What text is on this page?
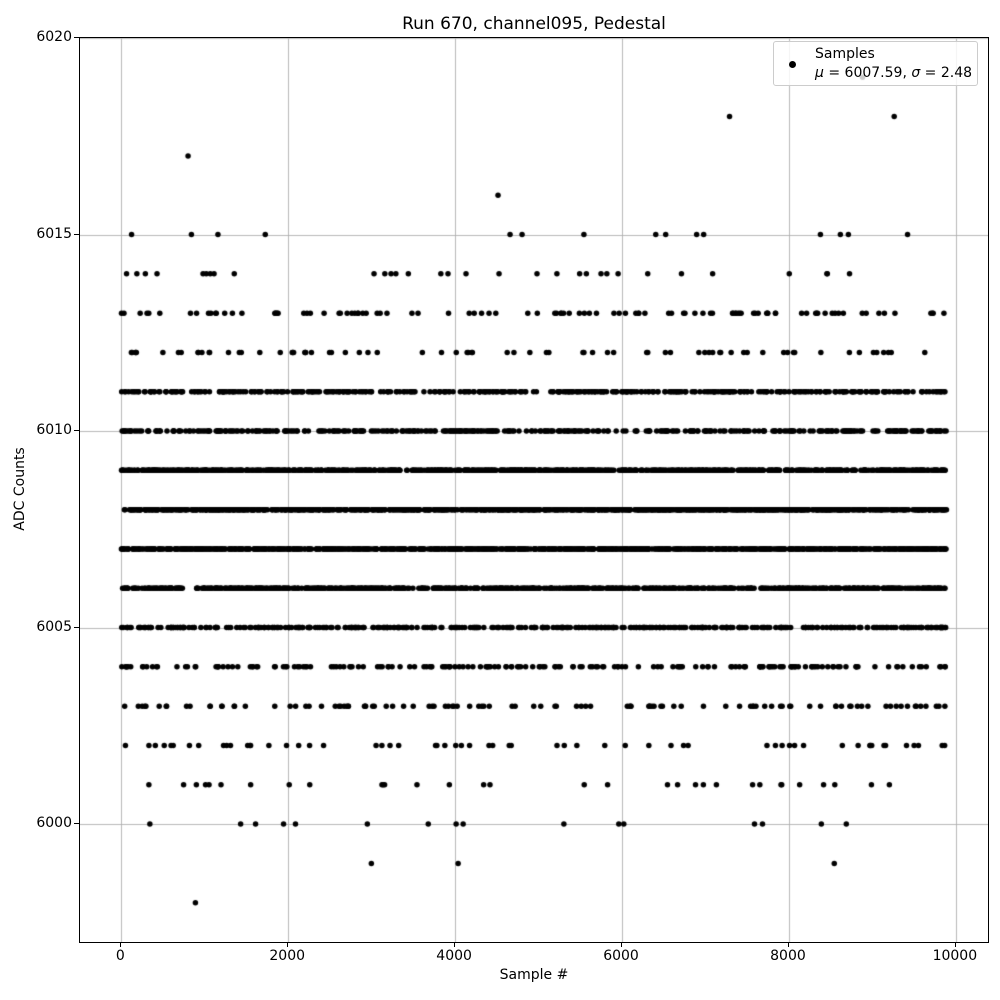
Run 670, channel095, Pedestal
0	2000	4000	6000	8000	10000
6000
6005
6010
6015
6020
Sample #
ADC Counts
Samples
μ = 6007.59, σ = 2.48
